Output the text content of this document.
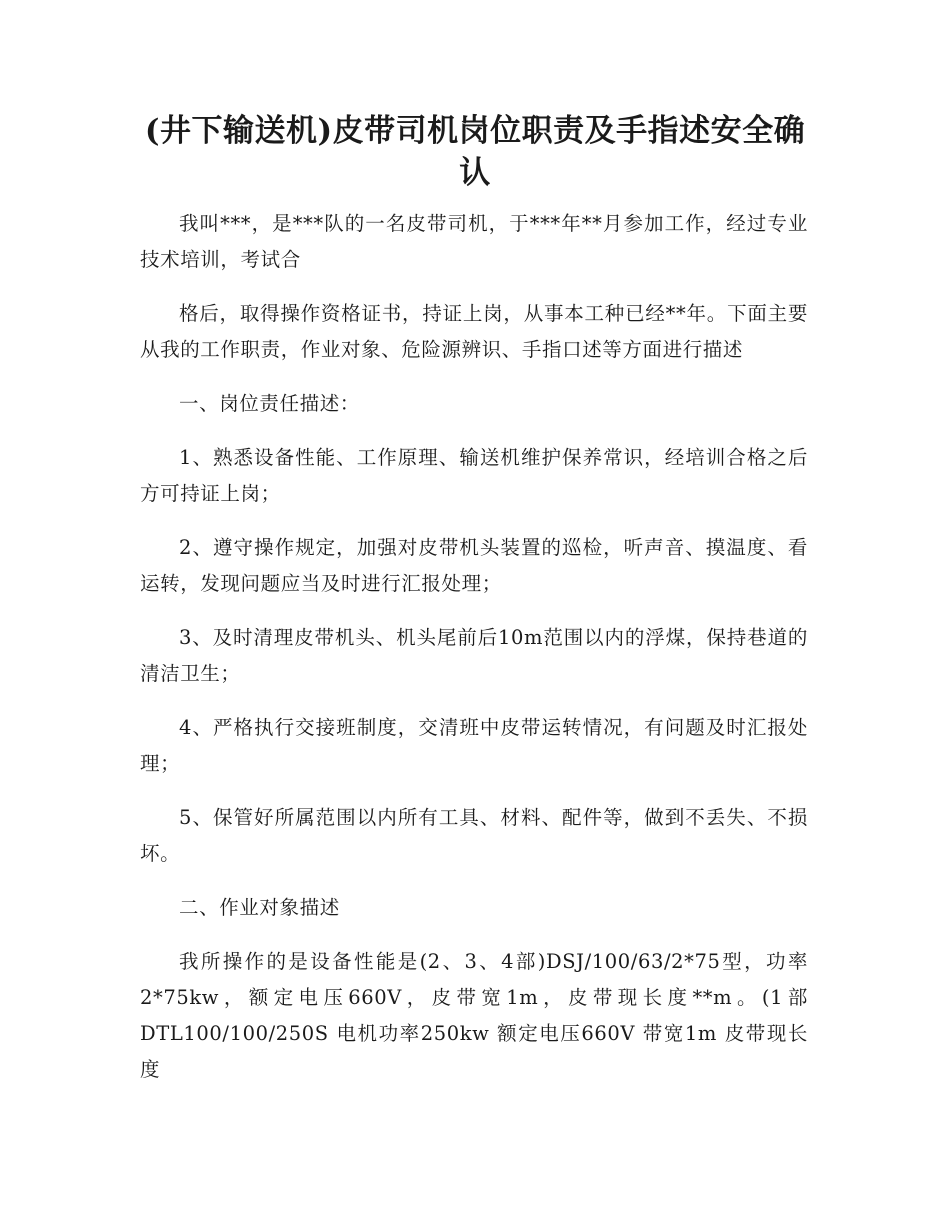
(井下输送机)皮带司机岗位职责及手指述安全确认

我叫***，是***队的一名皮带司机，于***年**月参加工作，经过专业技术培训，考试合

格后，取得操作资格证书，持证上岗，从事本工种已经**年。下面主要从我的工作职责，作业对象、危险源辨识、手指口述等方面进行描述

一、岗位责任描述：

1、熟悉设备性能、工作原理、输送机维护保养常识，经培训合格之后方可持证上岗；

2、遵守操作规定，加强对皮带机头装置的巡检，听声音、摸温度、看运转，发现问题应当及时进行汇报处理；

3、及时清理皮带机头、机头尾前后10m范围以内的浮煤，保持巷道的清洁卫生；

4、严格执行交接班制度，交清班中皮带运转情况，有问题及时汇报处理；

5、保管好所属范围以内所有工具、材料、配件等，做到不丢失、不损坏。

二、作业对象描述

我所操作的是设备性能是(2、3、4部)DSJ/100/63/2*75型，功率2*75kw，额定电压660V，皮带宽1m，皮带现长度**m。(1部DTL100/100/250S 电机功率250kw 额定电压660V 带宽1m 皮带现长度
